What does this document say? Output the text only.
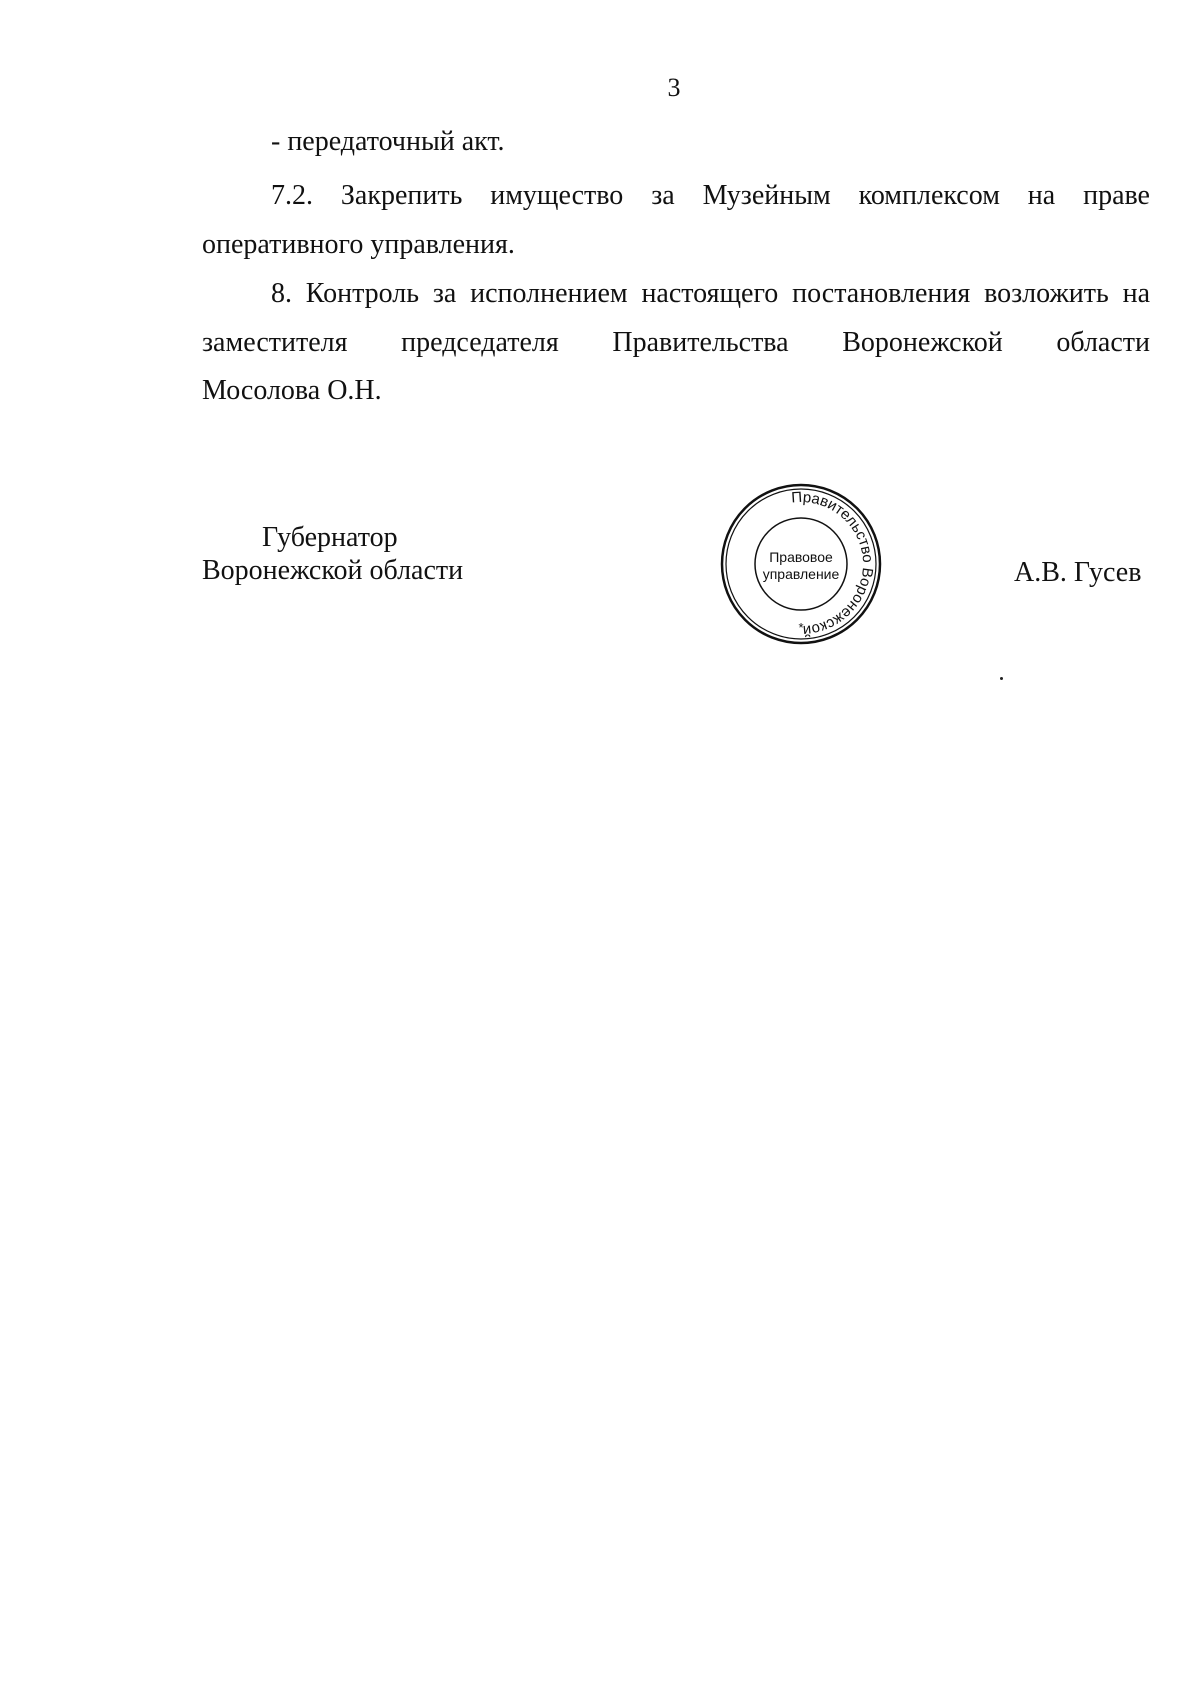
3
- передаточный акт.
7.2. Закрепить имущество за Музейным комплексом на праве
оперативного управления.
8. Контроль за исполнением настоящего постановления возложить на
заместителя председателя Правительства Воронежской области
Мосолова О.Н.
Губернатор
Воронежской области	А.В. Гусев
Правительство Воронежской
Правовое
управление
*
